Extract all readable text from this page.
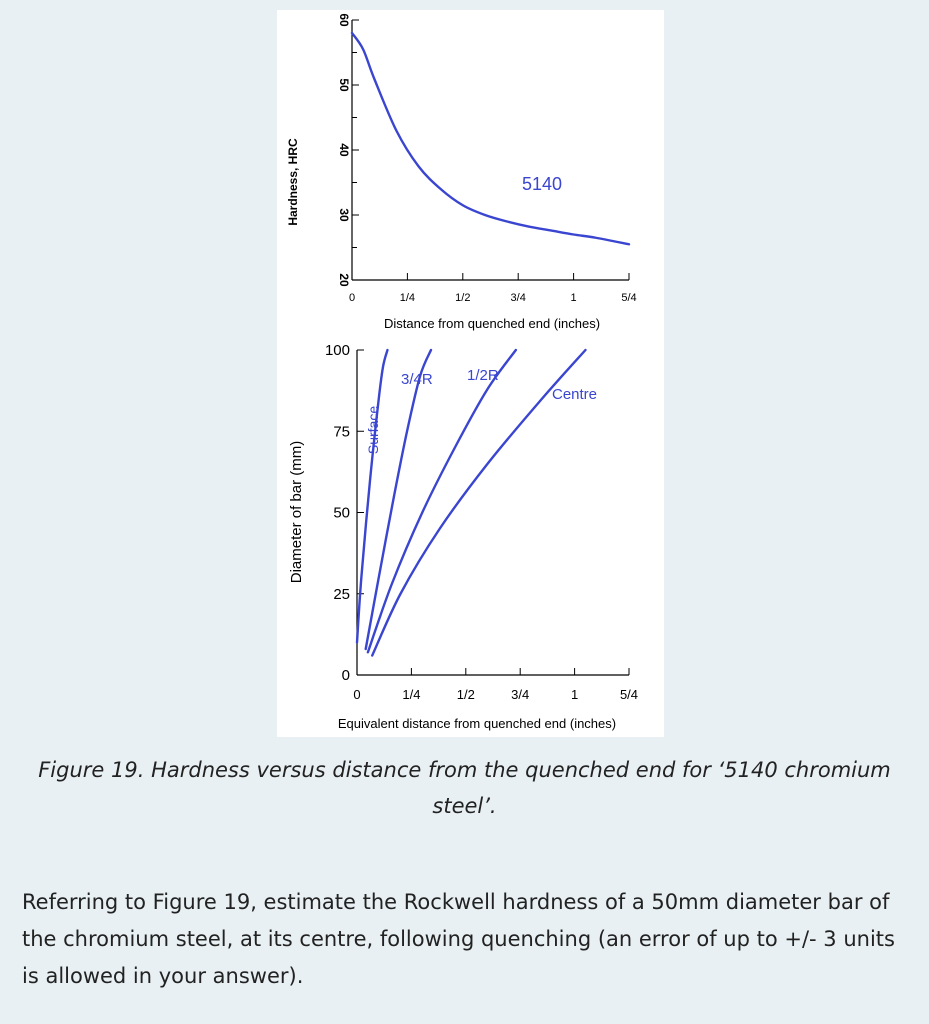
Hardness, HRC
Distance from quenched end (inches)
20
30
40
50
60
0	1/4	1/2	3/4	1	5/4
5140
Diameter of bar (mm)
Equivalent distance from quenched end (inches)
0
25
50
75
100
0	1/4	1/2	3/4	1	5/4
Surface
3/4R 1/2R
Centre
Figure 19. Hardness versus distance from the quenched end for ‘5140 chromium steel’.
Referring to Figure 19, estimate the Rockwell hardness of a 50mm diameter bar of the chromium steel, at its centre, following quenching (an error of up to +/- 3 units is allowed in your answer).
